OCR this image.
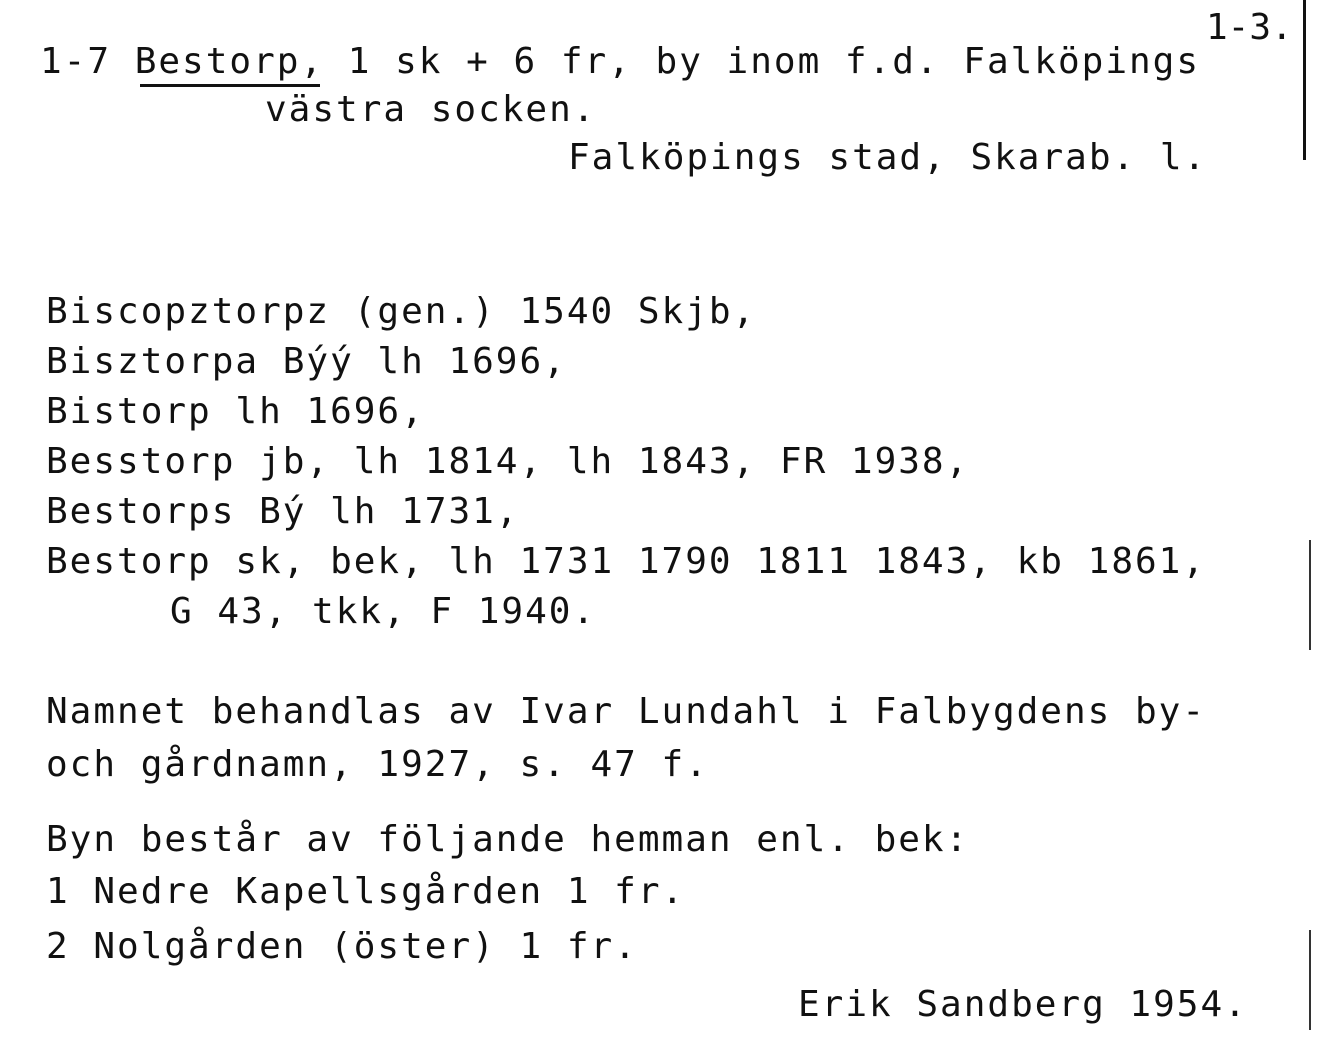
1-3.
1-7 Bestorp, 1 sk + 6 fr, by inom f.d. Falköpings
västra socken.
Falköpings stad, Skarab. l.
Biscopztorpz (gen.) 1540 Skjb,
Bisztorpa Býý lh 1696,
Bistorp lh 1696,
Besstorp jb, lh 1814, lh 1843, FR 1938,
Bestorps Bý lh 1731,
Bestorp sk, bek, lh 1731 1790 1811 1843, kb 1861,
G 43, tkk, F 1940.
Namnet behandlas av Ivar Lundahl i Falbygdens by-
och gårdnamn, 1927, s. 47 f.
Byn består av följande hemman enl. bek:
1 Nedre Kapellsgården 1 fr.
2 Nolgården (öster) 1 fr.
Erik Sandberg 1954.
